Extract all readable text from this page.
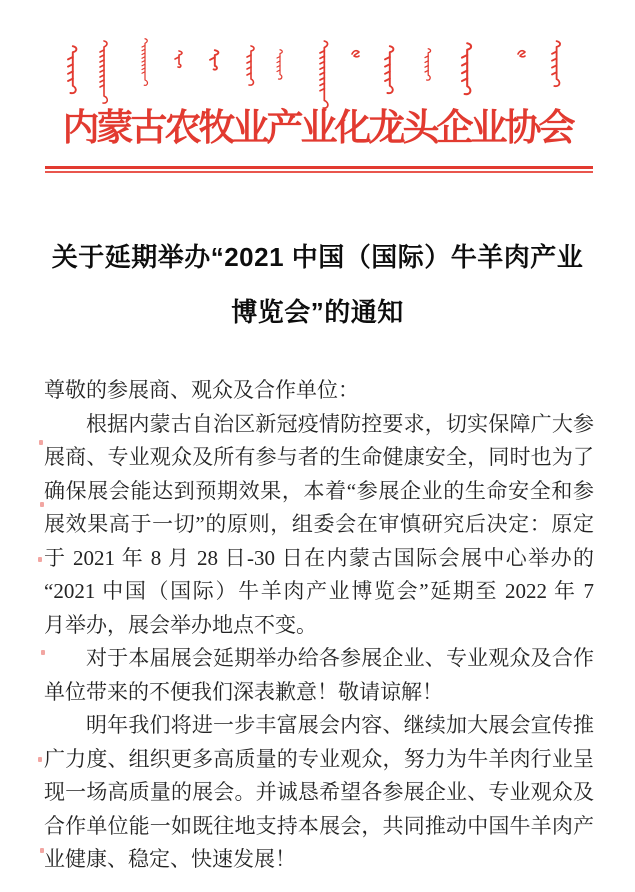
内蒙古农牧业产业化龙头企业协会
关于延期举办“2021 中国（国际）牛羊肉产业
博览会”的通知
尊敬的参展商、观众及合作单位：
根据内蒙古自治区新冠疫情防控要求，切实保障广大参
展商、专业观众及所有参与者的生命健康安全，同时也为了
确保展会能达到预期效果，本着“参展企业的生命安全和参
展效果高于一切”的原则，组委会在审慎研究后决定：原定
于 2021 年 8 月 28 日-30 日在内蒙古国际会展中心举办的
“2021 中国（国际）牛羊肉产业博览会”延期至 2022 年 7
月举办，展会举办地点不变。
对于本届展会延期举办给各参展企业、专业观众及合作
单位带来的不便我们深表歉意！敬请谅解！
明年我们将进一步丰富展会内容、继续加大展会宣传推
广力度、组织更多高质量的专业观众，努力为牛羊肉行业呈
现一场高质量的展会。并诚恳希望各参展企业、专业观众及
合作单位能一如既往地支持本展会，共同推动中国牛羊肉产
业健康、稳定、快速发展！
